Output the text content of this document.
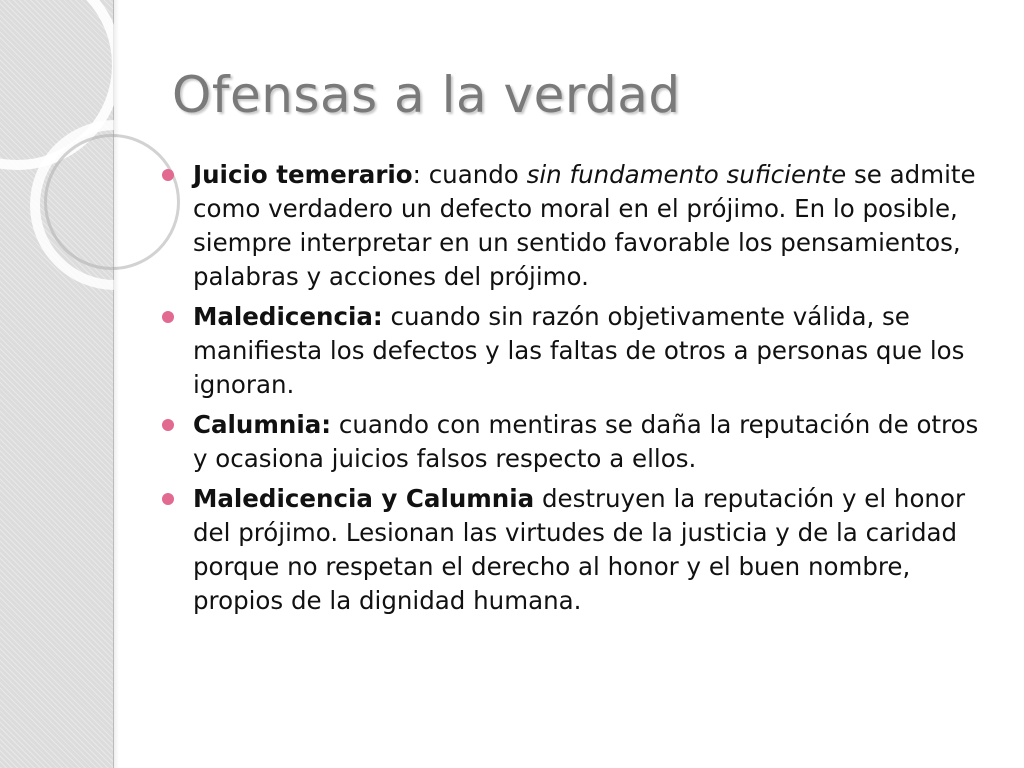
Ofensas a la verdad
Juicio temerario: cuando sin fundamento suficiente se admite como verdadero un defecto moral en el prójimo. En lo posible, siempre interpretar en un sentido favorable los pensamientos, palabras y acciones del prójimo.
Maledicencia: cuando sin razón objetivamente válida, se manifiesta los defectos y las faltas de otros a personas que los ignoran.
Calumnia: cuando con mentiras se daña la reputación de otros y ocasiona juicios falsos respecto a ellos.
Maledicencia y Calumnia destruyen la reputación y el honor del prójimo. Lesionan las virtudes de la justicia y de la caridad porque no respetan el derecho al honor y el buen nombre, propios de la dignidad humana.
